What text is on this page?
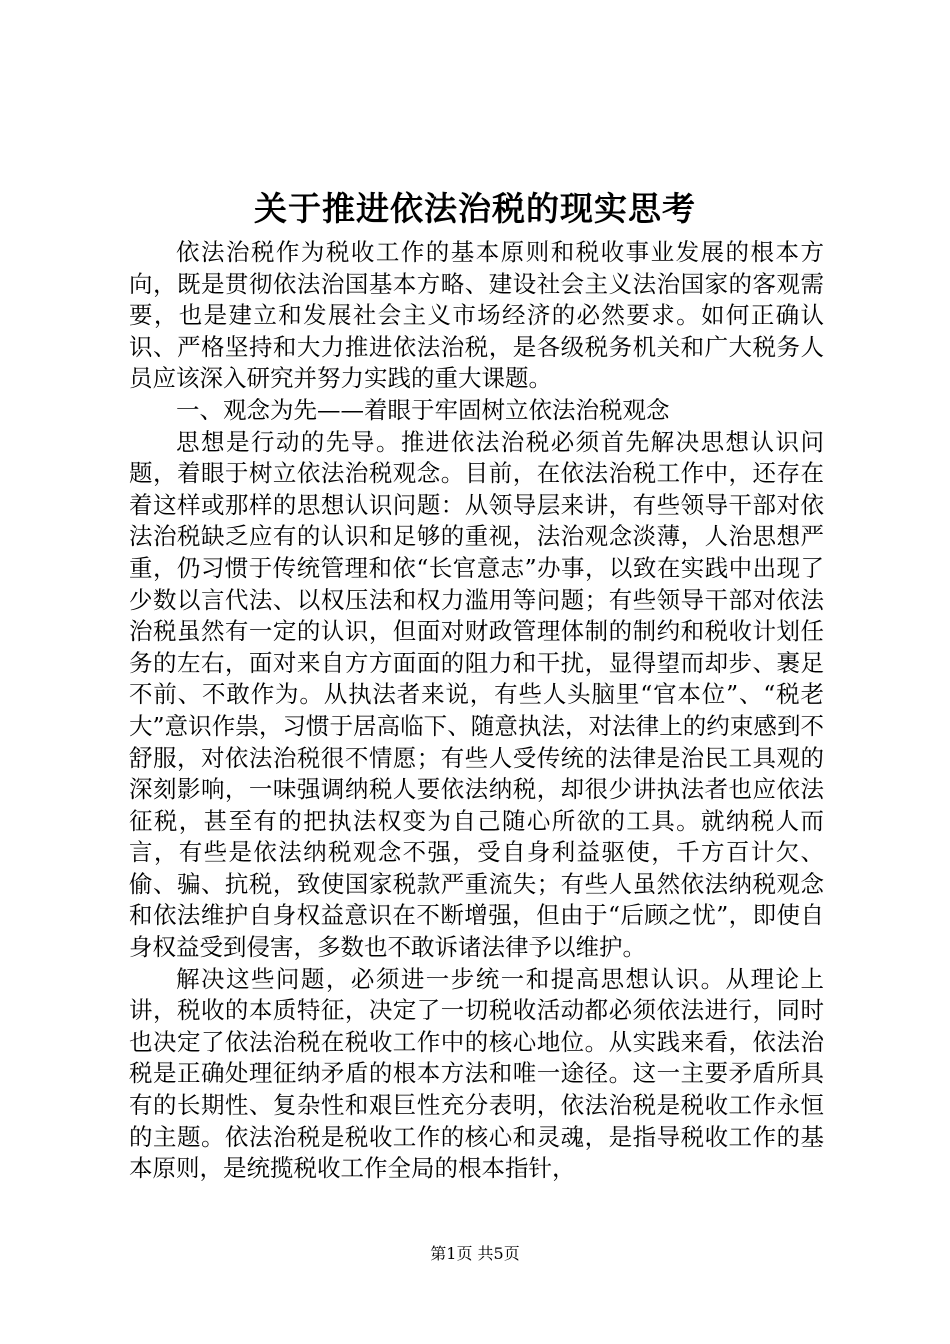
关于推进依法治税的现实思考

依法治税作为税收工作的基本原则和税收事业发展的根本方向，既是贯彻依法治国基本方略、建设社会主义法治国家的客观需要，也是建立和发展社会主义市场经济的必然要求。如何正确认识、严格坚持和大力推进依法治税，是各级税务机关和广大税务人员应该深入研究并努力实践的重大课题。

一、观念为先——着眼于牢固树立依法治税观念

思想是行动的先导。推进依法治税必须首先解决思想认识问题，着眼于树立依法治税观念。目前，在依法治税工作中，还存在着这样或那样的思想认识问题：从领导层来讲，有些领导干部对依法治税缺乏应有的认识和足够的重视，法治观念淡薄，人治思想严重，仍习惯于传统管理和依“长官意志”办事，以致在实践中出现了少数以言代法、以权压法和权力滥用等问题；有些领导干部对依法治税虽然有一定的认识，但面对财政管理体制的制约和税收计划任务的左右，面对来自方方面面的阻力和干扰，显得望而却步、裹足不前、不敢作为。从执法者来说，有些人头脑里“官本位”、“税老大”意识作祟，习惯于居高临下、随意执法，对法律上的约束感到不舒服，对依法治税很不情愿；有些人受传统的法律是治民工具观的深刻影响，一味强调纳税人要依法纳税，却很少讲执法者也应依法征税，甚至有的把执法权变为自己随心所欲的工具。就纳税人而言，有些是依法纳税观念不强，受自身利益驱使，千方百计欠、偷、骗、抗税，致使国家税款严重流失；有些人虽然依法纳税观念和依法维护自身权益意识在不断增强，但由于“后顾之忧”，即使自身权益受到侵害，多数也不敢诉诸法律予以维护。

解决这些问题，必须进一步统一和提高思想认识。从理论上讲，税收的本质特征，决定了一切税收活动都必须依法进行，同时也决定了依法治税在税收工作中的核心地位。从实践来看，依法治税是正确处理征纳矛盾的根本方法和唯一途径。这一主要矛盾所具有的长期性、复杂性和艰巨性充分表明，依法治税是税收工作永恒的主题。依法治税是税收工作的核心和灵魂，是指导税收工作的基本原则，是统揽税收工作全局的根本指针，

第1页 共5页
